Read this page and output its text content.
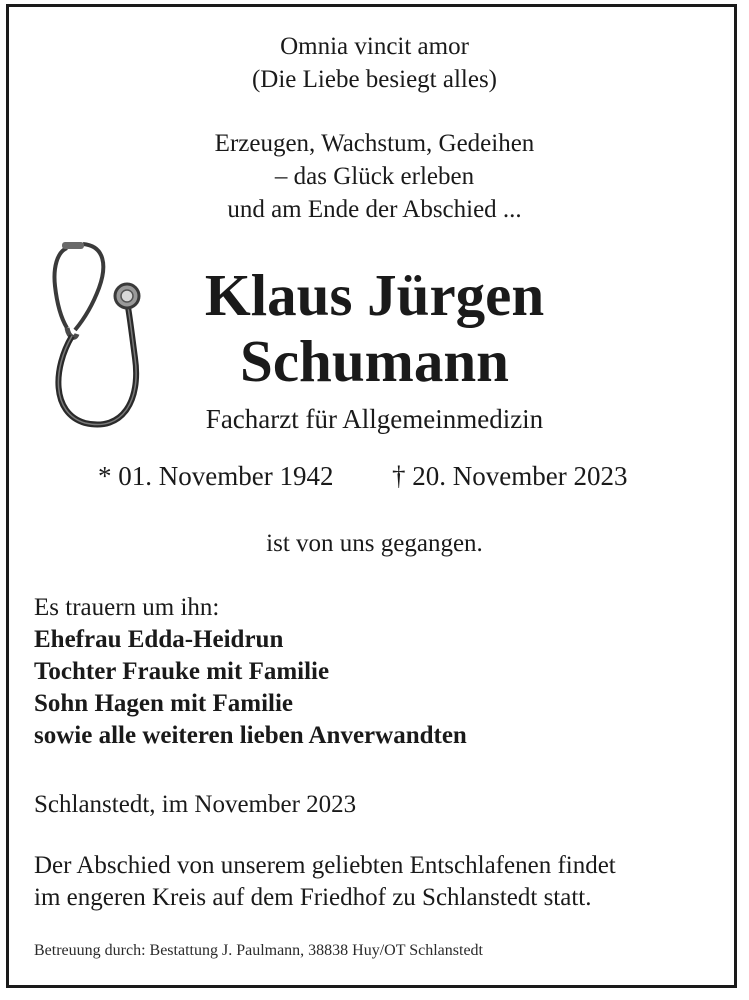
Omnia vincit amor
(Die Liebe besiegt alles)
Erzeugen, Wachstum, Gedeihen
– das Glück erleben
und am Ende der Abschied ...
Klaus Jürgen
Schumann
Facharzt für Allgemeinmedizin
* 01. November 1942 † 20. November 2023
ist von uns gegangen.
Es trauern um ihn:
Ehefrau Edda-Heidrun
Tochter Frauke mit Familie
Sohn Hagen mit Familie
sowie alle weiteren lieben Anverwandten
Schlanstedt, im November 2023
Der Abschied von unserem geliebten Entschlafenen findet
im engeren Kreis auf dem Friedhof zu Schlanstedt statt.
Betreuung durch: Bestattung J. Paulmann, 38838 Huy/OT Schlanstedt
